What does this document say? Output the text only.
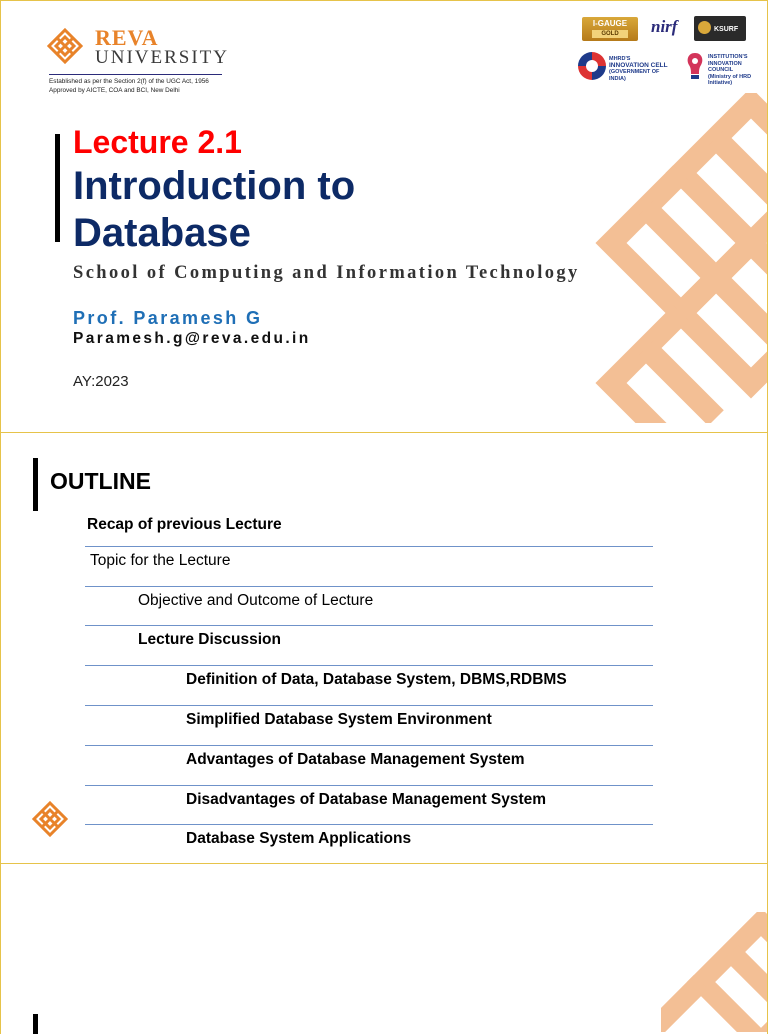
REVA
UNIVERSITY
Established as per the Section 2(f) of the UGC Act, 1956
Approved by AICTE, COA and BCI, New Delhi
I-GAUGE
GOLD	nirf	KSURF
MHRD'S
INNOVATION CELL
(GOVERNMENT OF INDIA)
INSTITUTION'S
INNOVATION
COUNCIL
(Ministry of HRD Initiative)
Lecture 2.1
Introduction to
Database
School of Computing and Information Technology
Prof. Paramesh G
Paramesh.g@reva.edu.in
AY:2023
OUTLINE
Recap of previous Lecture
Topic for the Lecture
Objective and Outcome of Lecture
Lecture Discussion
Definition of Data, Database System, DBMS,RDBMS
Simplified Database System Environment
Advantages of Database Management System
Disadvantages of Database Management System
Database System Applications
